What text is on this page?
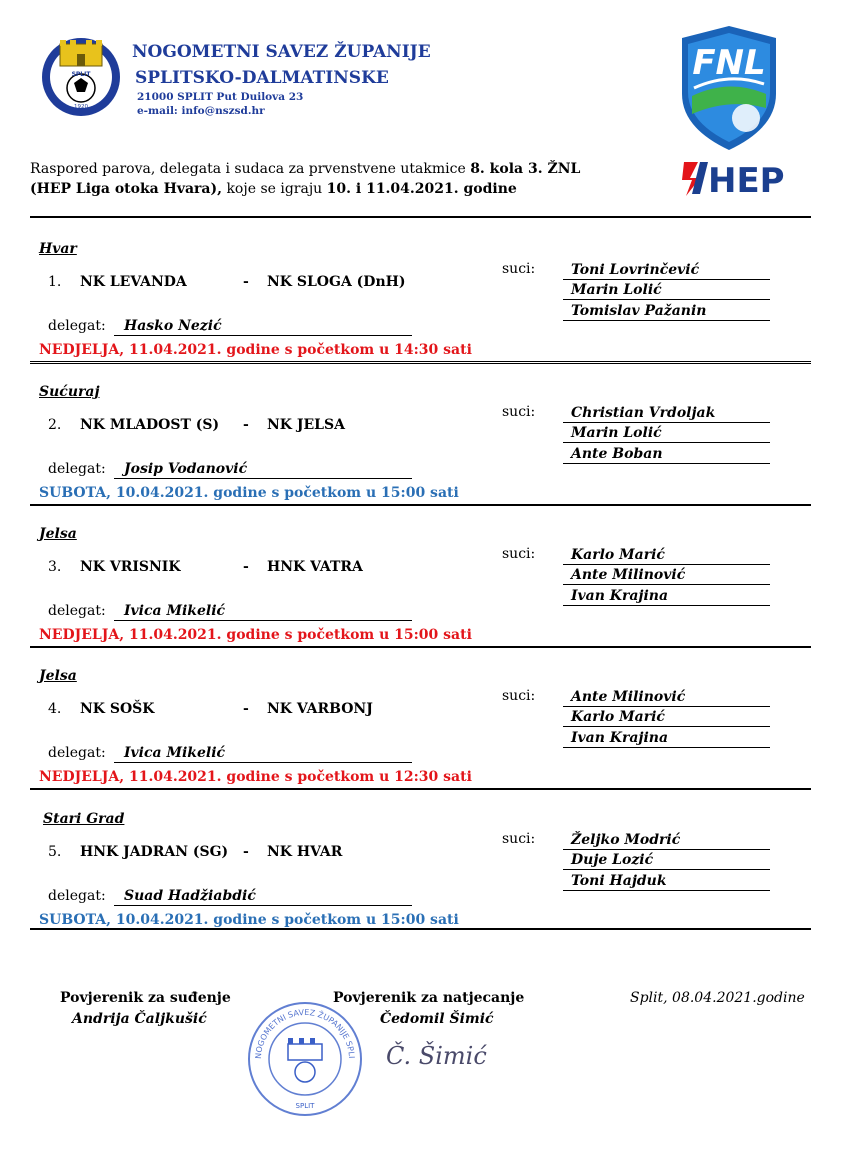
SPLIT
1920
NOGOMETNI SAVEZ ŽUPANIJE
SPLITSKO-DALMATINSKE
21000 SPLIT Put Duilova 23
e-mail: info@nszsd.hr
FNL
HEP
Raspored parova, delegata i sudaca za prvenstvene utakmice 8. kola 3. ŽNL (HEP Liga otoka Hvara), koje se igraju 10. i 11.04.2021. godine
Hvar
1. NK LEVANDA	- NK SLOGA (DnH)
suci:	Toni Lovrinčević
Marin Lolić
Tomislav Pažanin
delegat:	Hasko Nezić
NEDJELJA, 11.04.2021. godine s početkom u 14:30 sati
Sućuraj
2. NK MLADOST (S) - NK JELSA
suci:	Christian Vrdoljak
Marin Lolić
Ante Boban
delegat:	Josip Vodanović
SUBOTA, 10.04.2021. godine s početkom u 15:00 sati
Jelsa
3. NK VRISNIK	- HNK VATRA
suci:	Karlo Marić
Ante Milinović
Ivan Krajina
delegat:	Ivica Mikelić
NEDJELJA, 11.04.2021. godine s početkom u 15:00 sati
Jelsa
4. NK SOŠK	- NK VARBONJ
suci:	Ante Milinović
Karlo Marić
Ivan Krajina
delegat:	Ivica Mikelić
NEDJELJA, 11.04.2021. godine s početkom u 12:30 sati
Stari Grad
5. HNK JADRAN (SG) - NK HVAR
suci:	Željko Modrić
Duje Lozić
Toni Hajduk
delegat:	Suad Hadžiabdić
SUBOTA, 10.04.2021. godine s početkom u 15:00 sati
Povjerenik za suđenje
Andrija Čaljkušić
Povjerenik za natjecanje
Čedomil Šimić
Split, 08.04.2021.godine
NOGOMETNI SAVEZ ŽUPANIJE SPLI
SPLIT
Č. Šimić
